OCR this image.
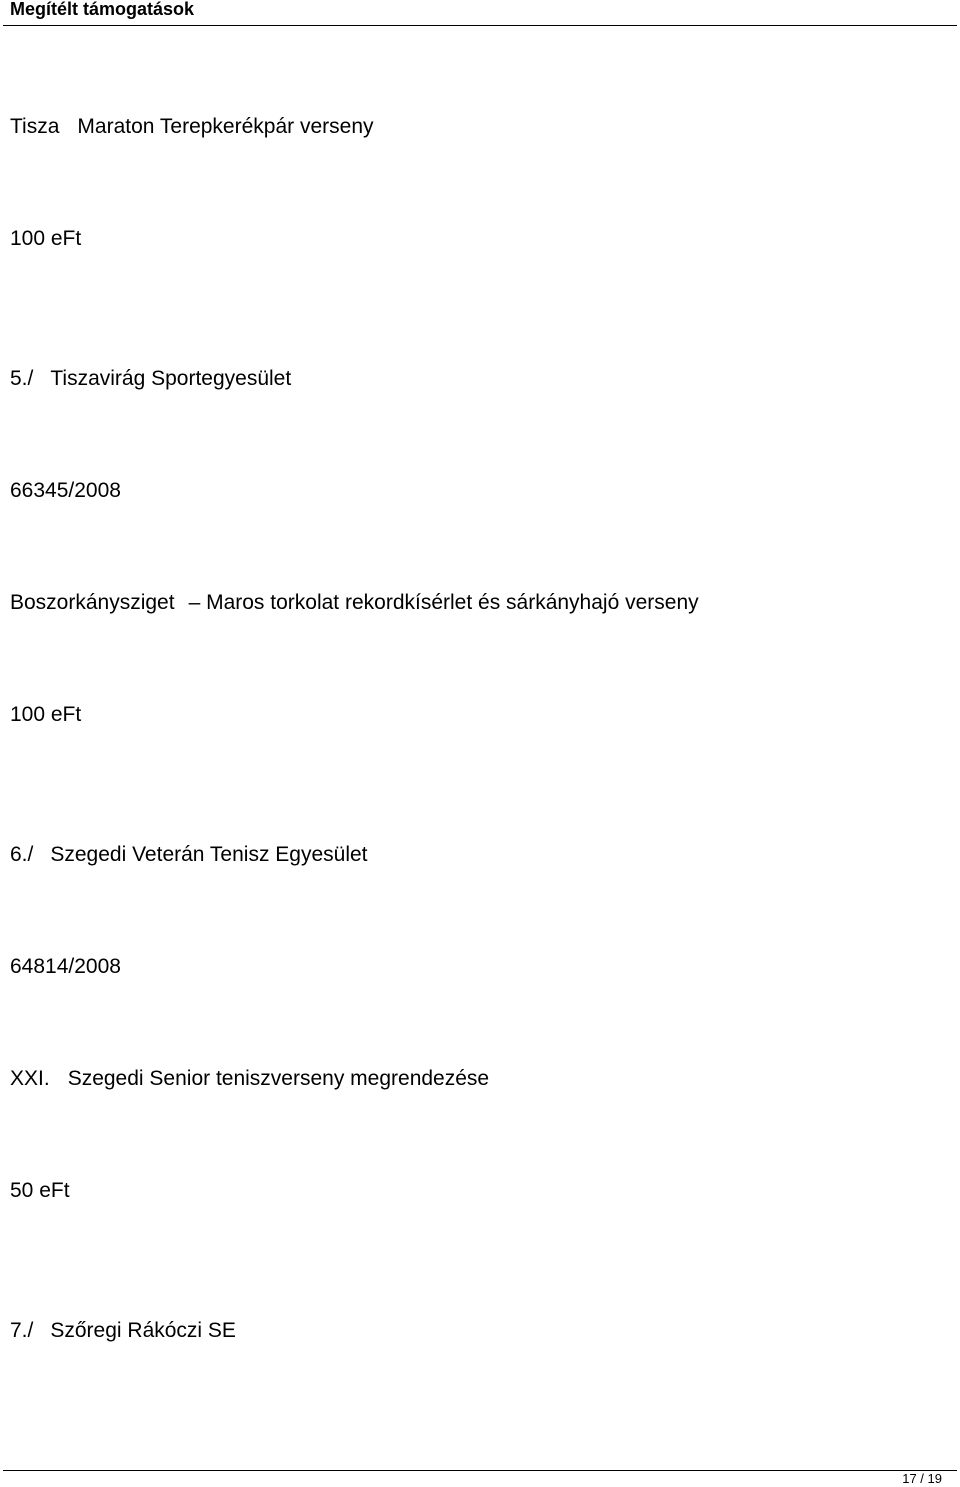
Megítélt támogatások
Tisza Maraton Terepkerékpár verseny
100 eFt
5./ Tiszavirág Sportegyesület
66345/2008
Boszorkánysziget – Maros torkolat rekordkísérlet és sárkányhajó verseny
100 eFt
6./ Szegedi Veterán Tenisz Egyesület
64814/2008
XXI. Szegedi Senior teniszverseny megrendezése
50 eFt
7./ Szőregi Rákóczi SE
17 / 19
